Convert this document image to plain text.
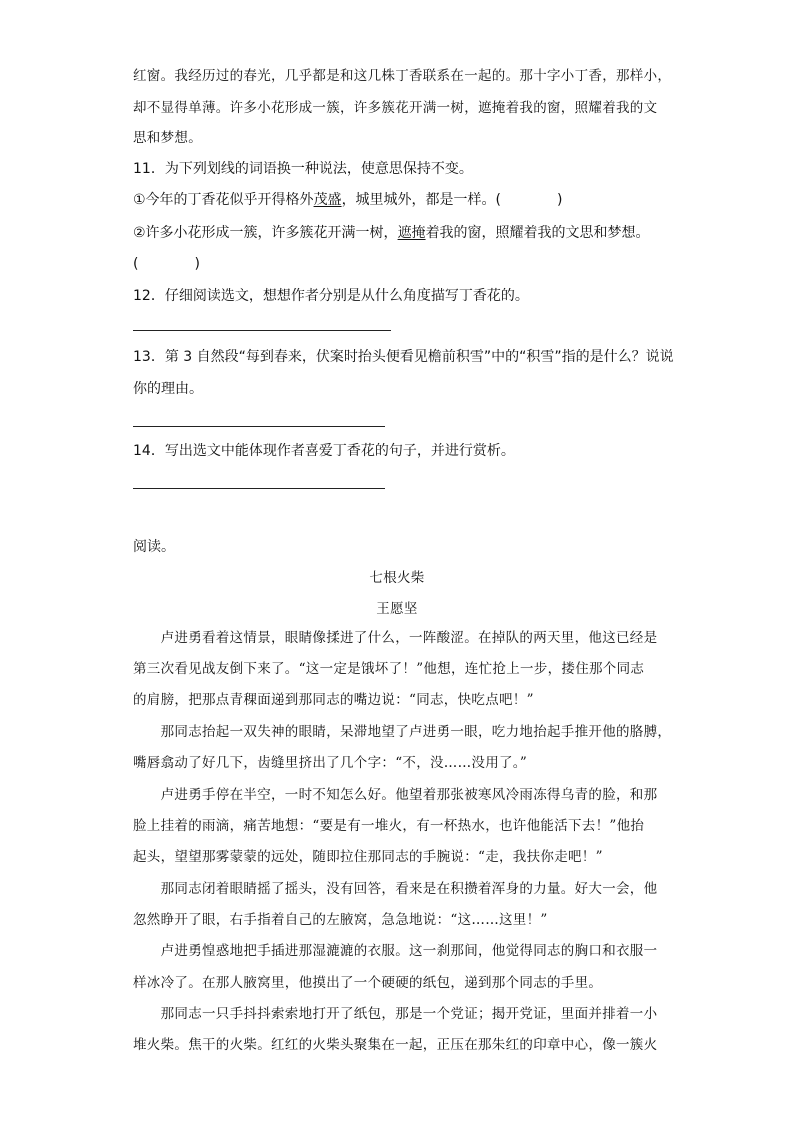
红窗。我经历过的春光，几乎都是和这几株丁香联系在一起的。那十字小丁香，那样小，
却不显得单薄。许多小花形成一簇，许多簇花开满一树，遮掩着我的窗，照耀着我的文
思和梦想。
11．为下列划线的词语换一种说法，使意思保持不变。
①今年的丁香花似乎开得格外茂盛，城里城外，都是一样。(　　　　)
②许多小花形成一簇，许多簇花开满一树，遮掩着我的窗，照耀着我的文思和梦想。
(　　　　)
12．仔细阅读选文，想想作者分别是从什么角度描写丁香花的。
13．第 3 自然段“每到春来，伏案时抬头便看见檐前积雪”中的“积雪”指的是什么？说说
你的理由。
14．写出选文中能体现作者喜爱丁香花的句子，并进行赏析。
阅读。
七根火柴
王愿坚
　　卢进勇看着这情景，眼睛像揉进了什么，一阵酸涩。在掉队的两天里，他这已经是
第三次看见战友倒下来了。“这一定是饿坏了！”他想，连忙抢上一步，搂住那个同志
的肩膀，把那点青稞面递到那同志的嘴边说：“同志，快吃点吧！”
　　那同志抬起一双失神的眼睛，呆滞地望了卢进勇一眼，吃力地抬起手推开他的胳膊，
嘴唇翕动了好几下，齿缝里挤出了几个字：“不，没……没用了。”
　　卢进勇手停在半空，一时不知怎么好。他望着那张被寒风冷雨冻得乌青的脸，和那
脸上挂着的雨滴，痛苦地想：“要是有一堆火，有一杯热水，也许他能活下去！”他抬
起头，望望那雾蒙蒙的远处，随即拉住那同志的手腕说：“走，我扶你走吧！”
　　那同志闭着眼睛摇了摇头，没有回答，看来是在积攒着浑身的力量。好大一会，他
忽然睁开了眼，右手指着自己的左腋窝，急急地说：“这……这里！”
　　卢进勇惶惑地把手插进那湿漉漉的衣服。这一刹那间，他觉得同志的胸口和衣服一
样冰冷了。在那人腋窝里，他摸出了一个硬硬的纸包，递到那个同志的手里。
　　那同志一只手抖抖索索地打开了纸包，那是一个党证；揭开党证，里面并排着一小
堆火柴。焦干的火柴。红红的火柴头聚集在一起，正压在那朱红的印章中心，像一簇火
